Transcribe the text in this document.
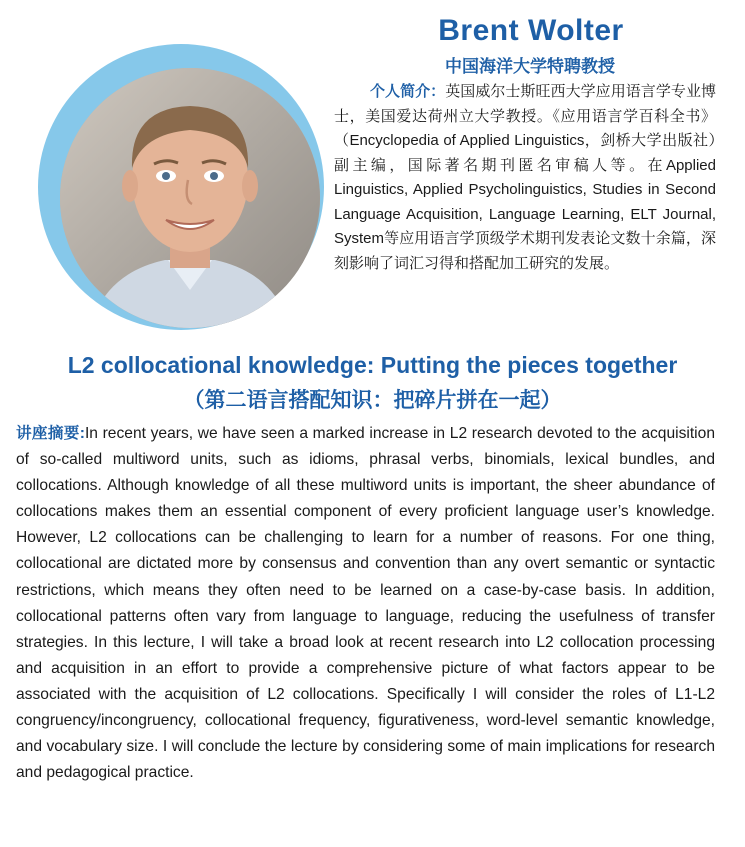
Brent Wolter
中国海洋大学特聘教授
个人简介：英国威尔士斯旺西大学应用语言学专业博士，美国爱达荷州立大学教授。《应用语言学百科全书》（Encyclopedia of Applied Linguistics，剑桥大学出版社）副主编，国际著名期刊匿名审稿人等。在Applied Linguistics, Applied Psycholinguistics, Studies in Second Language Acquisition, Language Learning, ELT Journal, System等应用语言学顶级学术期刊发表论文数十余篇，深刻影响了词汇习得和搭配加工研究的发展。
L2 collocational knowledge: Putting the pieces together
（第二语言搭配知识：把碎片拼在一起）
讲座摘要:In recent years, we have seen a marked increase in L2 research devoted to the acquisition of so-called multiword units, such as idioms, phrasal verbs, binomials, lexical bundles, and collocations. Although knowledge of all these multiword units is important, the sheer abundance of collocations makes them an essential component of every proficient language user’s knowledge. However, L2 collocations can be challenging to learn for a number of reasons. For one thing, collocational are dictated more by consensus and convention than any overt semantic or syntactic restrictions, which means they often need to be learned on a case-by-case basis. In addition, collocational patterns often vary from language to language, reducing the usefulness of transfer strategies. In this lecture, I will take a broad look at recent research into L2 collocation processing and acquisition in an effort to provide a comprehensive picture of what factors appear to be associated with the acquisition of L2 collocations. Specifically I will consider the roles of L1-L2 congruency/incongruency, collocational frequency, figurativeness, word-level semantic knowledge, and vocabulary size. I will conclude the lecture by considering some of main implications for research and pedagogical practice.
